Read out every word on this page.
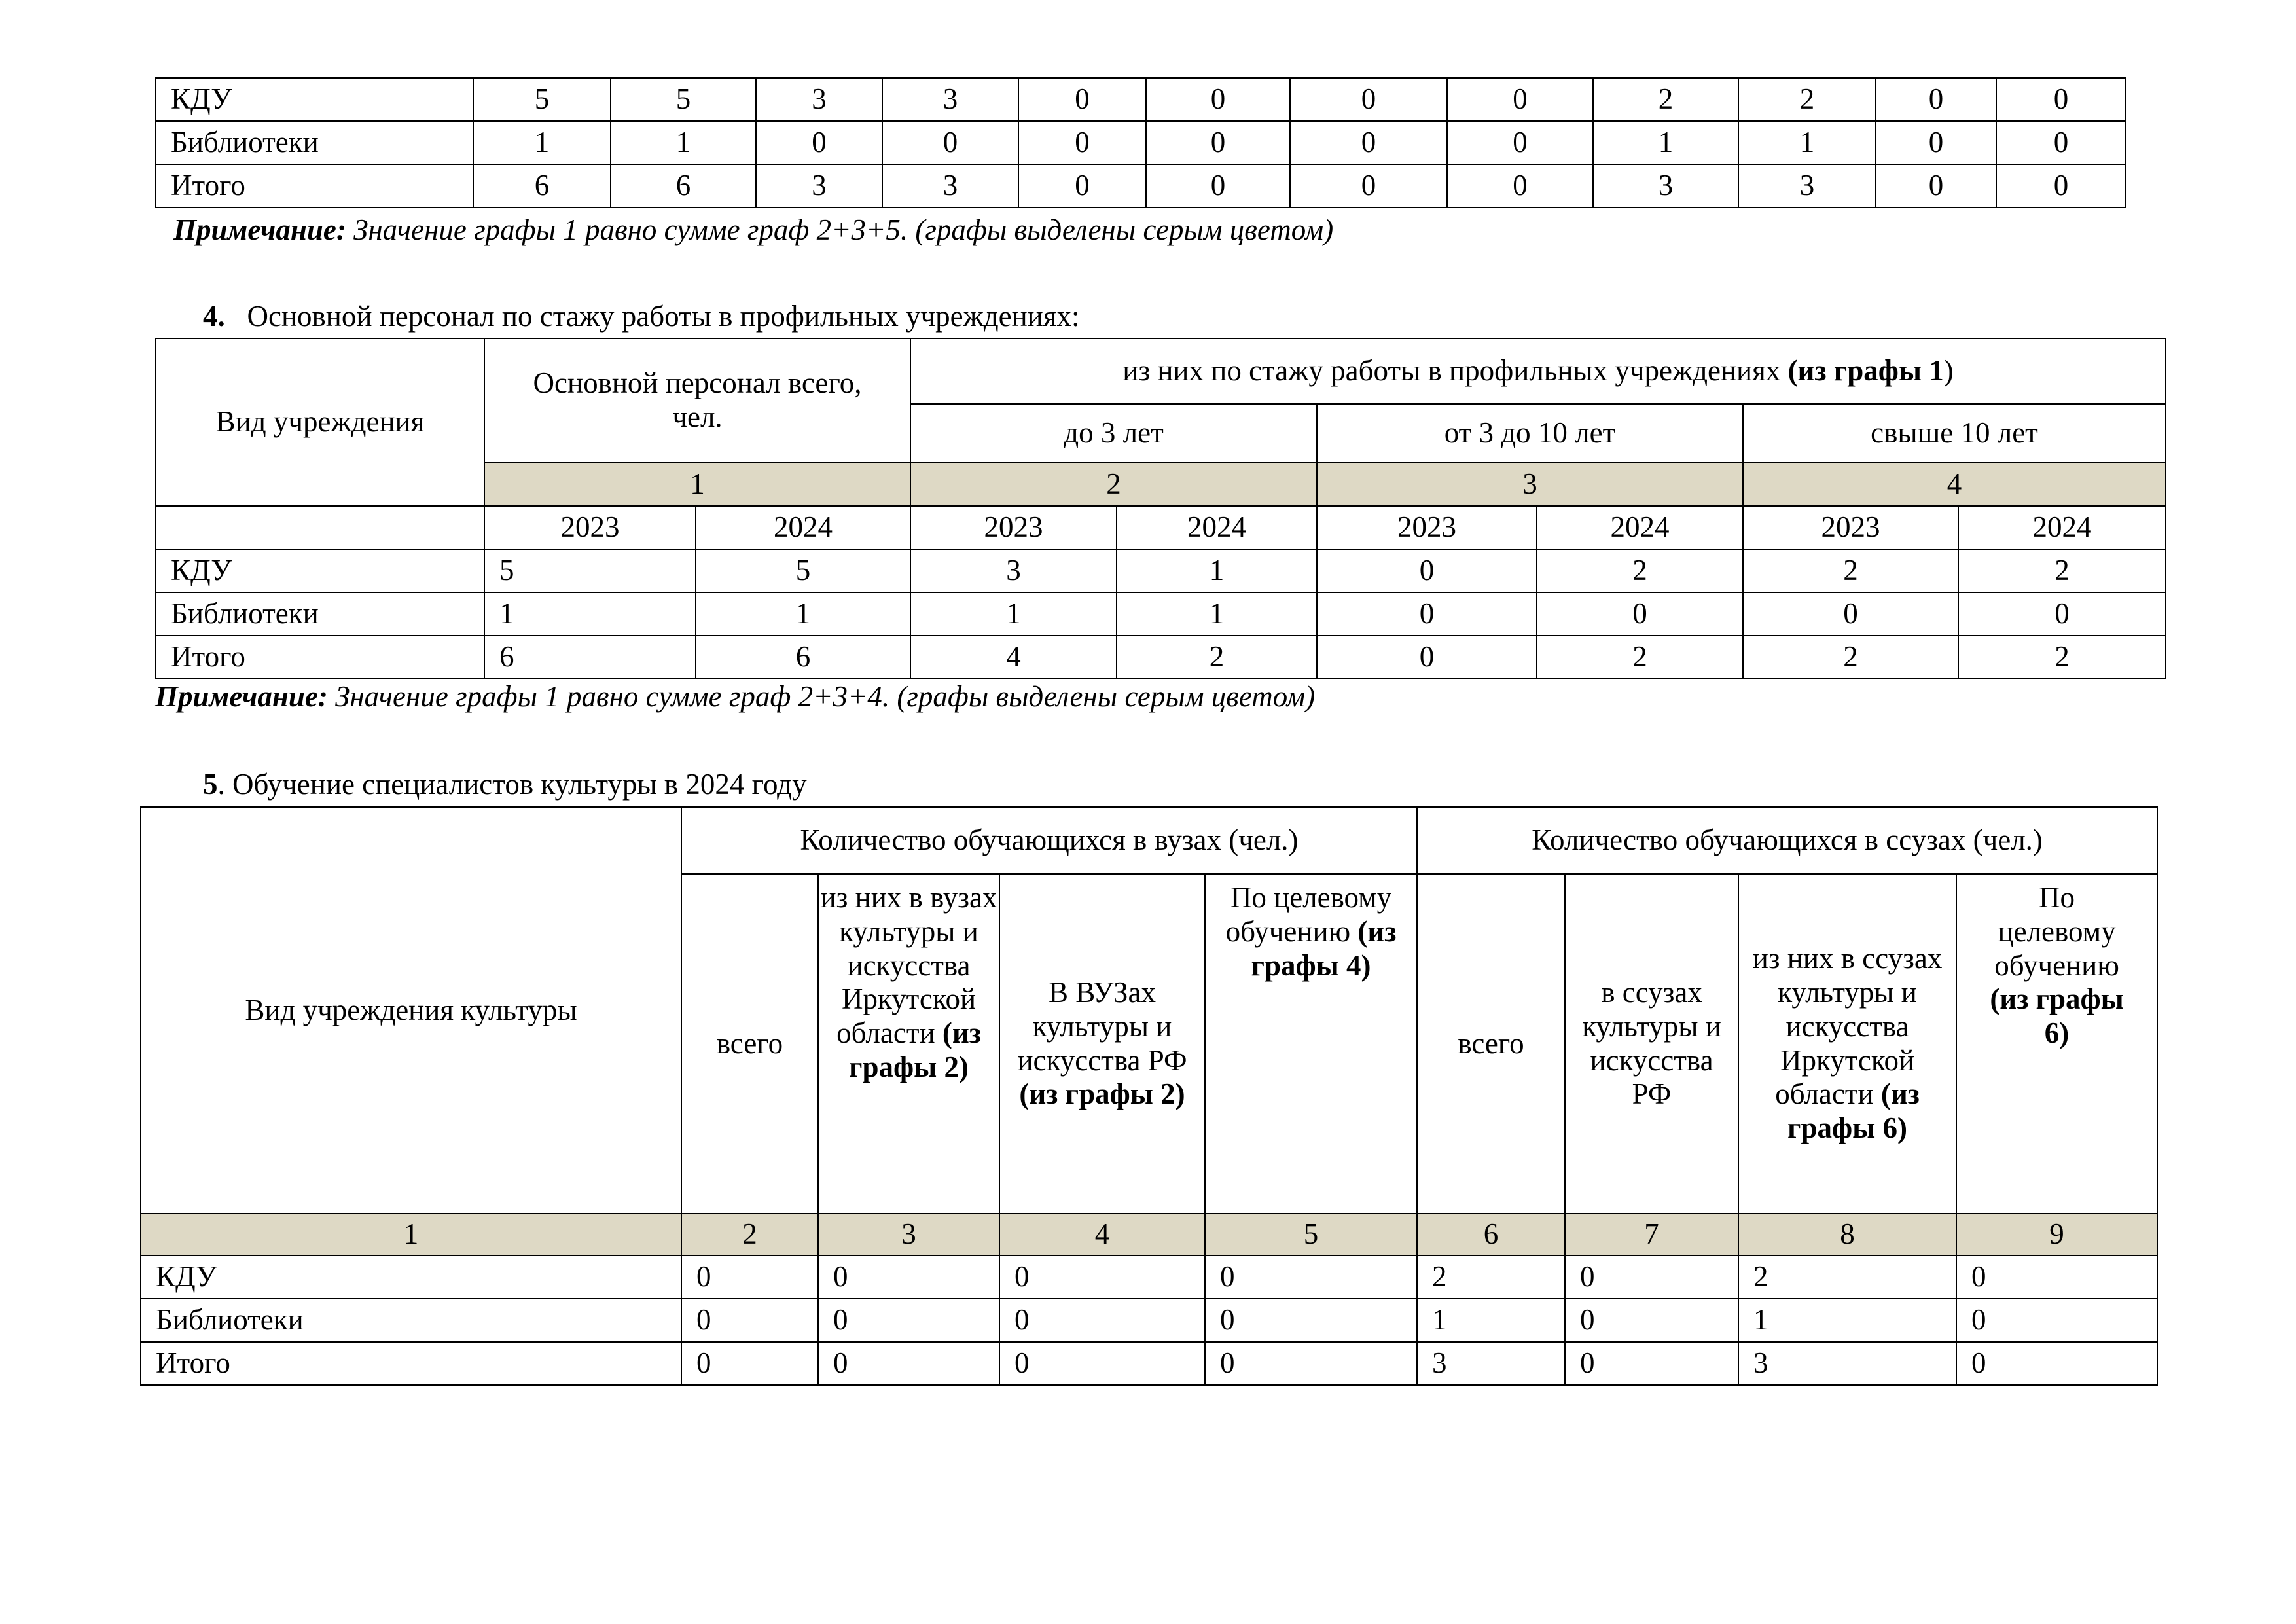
КДУ	5	5	3	3	0	0	0	0	2	2	0	0
Библиотеки	1	1	0	0	0	0	0	0	1	1	0	0
Итого	6	6	3	3	0	0	0	0	3	3	0	0
Примечание: Значение графы 1 равно сумме граф 2+3+5. (графы выделены серым цветом)
4. Основной персонал по стажу работы в профильных учреждениях:
Вид учреждения	Основной персонал всего, чел.		из них по стажу работы в профильных учреждениях (из графы 1)					
			до 3 лет		от 3 до 10 лет		свыше 10 лет	
	1		2		3		4	
	2023	2024	2023	2024	2023	2024	2023	2024
КДУ	5	5	3	1	0	2	2	2
Библиотеки	1	1	1	1	0	0	0	0
Итого	6	6	4	2	0	2	2	2
Примечание: Значение графы 1 равно сумме граф 2+3+4. (графы выделены серым цветом)
5. Обучение специалистов культуры в 2024 году
Вид учреждения культуры	Количество обучающихся в вузах (чел.)				Количество обучающихся в ссузах (чел.)			
	всего	из них в вузах культуры и искусства Иркутской области (из графы 2)	В ВУЗах культуры и искусства РФ (из графы 2)	По целевому обучению (из графы 4)	всего	в ссузах культуры и искусства РФ	из них в ссузах культуры и искусства Иркутской области (из графы 6)	По целевому обучению (из графы 6)
1	2	3	4	5	6	7	8	9
КДУ	0	0	0	0	2	0	2	0
Библиотеки	0	0	0	0	1	0	1	0
Итого	0	0	0	0	3	0	3	0
